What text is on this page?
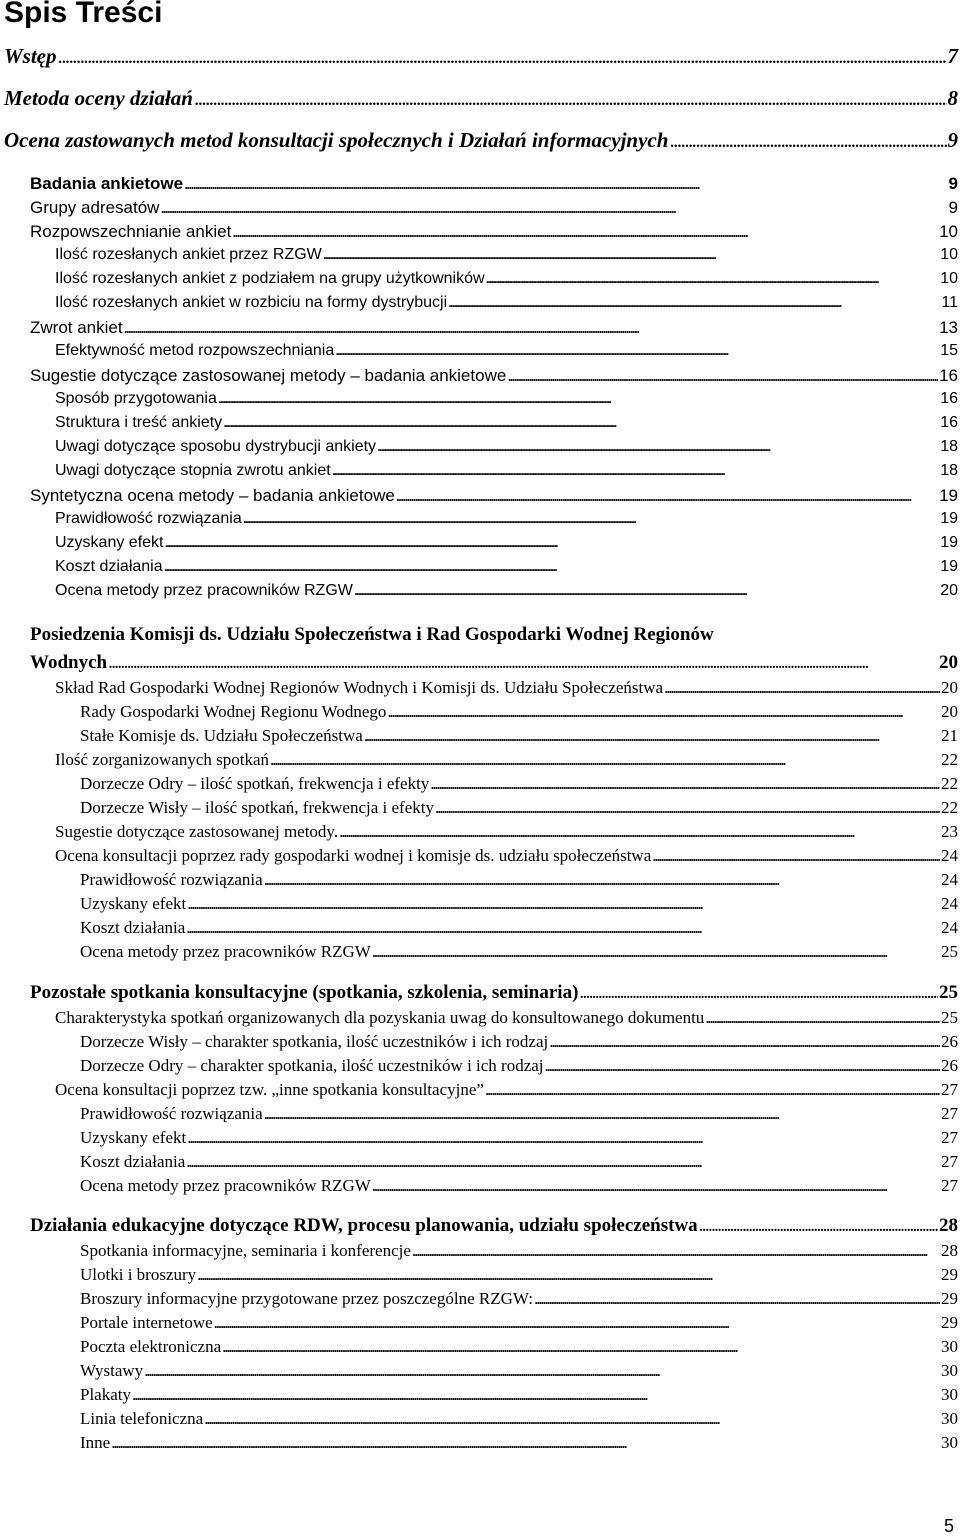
Spis Treści
Wstęp . . .	7
Metoda oceny działań . . .	8
Ocena zastowanych metod konsultacji społecznych i Działań informacyjnych . . .	9
Badania ankietowe . . .	9
Grupy adresatów . . .	9
Rozpowszechnianie ankiet . . .	10
Ilość rozesłanych ankiet przez RZGW . . .	10
Ilość rozesłanych ankiet z podziałem na grupy użytkowników . . .	10
Ilość rozesłanych ankiet w rozbiciu na formy dystrybucji . . .	11
Zwrot ankiet . . .	13
Efektywność metod rozpowszechniania . . .	15
Sugestie dotyczące zastosowanej metody – badania ankietowe . . .	16
Sposób przygotowania . . .	16
Struktura i treść ankiety . . .	16
Uwagi dotyczące sposobu dystrybucji ankiety . . .	18
Uwagi dotyczące stopnia zwrotu ankiet . . .	18
Syntetyczna ocena metody – badania ankietowe . . .	19
Prawidłowość rozwiązania . . .	19
Uzyskany efekt . . .	19
Koszt działania . . .	19
Ocena metody przez pracowników RZGW . . .	20
Posiedzenia Komisji ds. Udziału Społeczeństwa i Rad Gospodarki Wodnej Regionów
Wodnych . . .	20
Skład Rad Gospodarki Wodnej Regionów Wodnych i Komisji ds. Udziału Społeczeństwa . . .	20
Rady Gospodarki Wodnej Regionu Wodnego . . .	20
Stałe Komisje ds. Udziału Społeczeństwa . . .	21
Ilość zorganizowanych spotkań . . .	22
Dorzecze Odry – ilość spotkań, frekwencja i efekty . . .	22
Dorzecze Wisły – ilość spotkań, frekwencja i efekty . . .	22
Sugestie dotyczące zastosowanej metody. . . .	23
Ocena konsultacji poprzez rady gospodarki wodnej i komisje ds. udziału społeczeństwa . . .	24
Prawidłowość rozwiązania . . .	24
Uzyskany efekt . . .	24
Koszt działania . . .	24
Ocena metody przez pracowników RZGW . . .	25
Pozostałe spotkania konsultacyjne (spotkania, szkolenia, seminaria) . . .	25
Charakterystyka spotkań organizowanych dla pozyskania uwag do konsultowanego dokumentu . . .	25
Dorzecze Wisły – charakter spotkania, ilość uczestników i ich rodzaj . . .	26
Dorzecze Odry – charakter spotkania, ilość uczestników i ich rodzaj . . .	26
Ocena konsultacji poprzez tzw. „inne spotkania konsultacyjne” . . .	27
Prawidłowość rozwiązania . . .	27
Uzyskany efekt . . .	27
Koszt działania . . .	27
Ocena metody przez pracowników RZGW . . .	27
Działania edukacyjne dotyczące RDW, procesu planowania, udziału społeczeństwa . . .	28
Spotkania informacyjne, seminaria i konferencje . . .	28
Ulotki i broszury . . .	29
Broszury informacyjne przygotowane przez poszczególne RZGW: . . .	29
Portale internetowe . . .	29
Poczta elektroniczna . . .	30
Wystawy . . .	30
Plakaty . . .	30
Linia telefoniczna . . .	30
Inne . . .	30
5
